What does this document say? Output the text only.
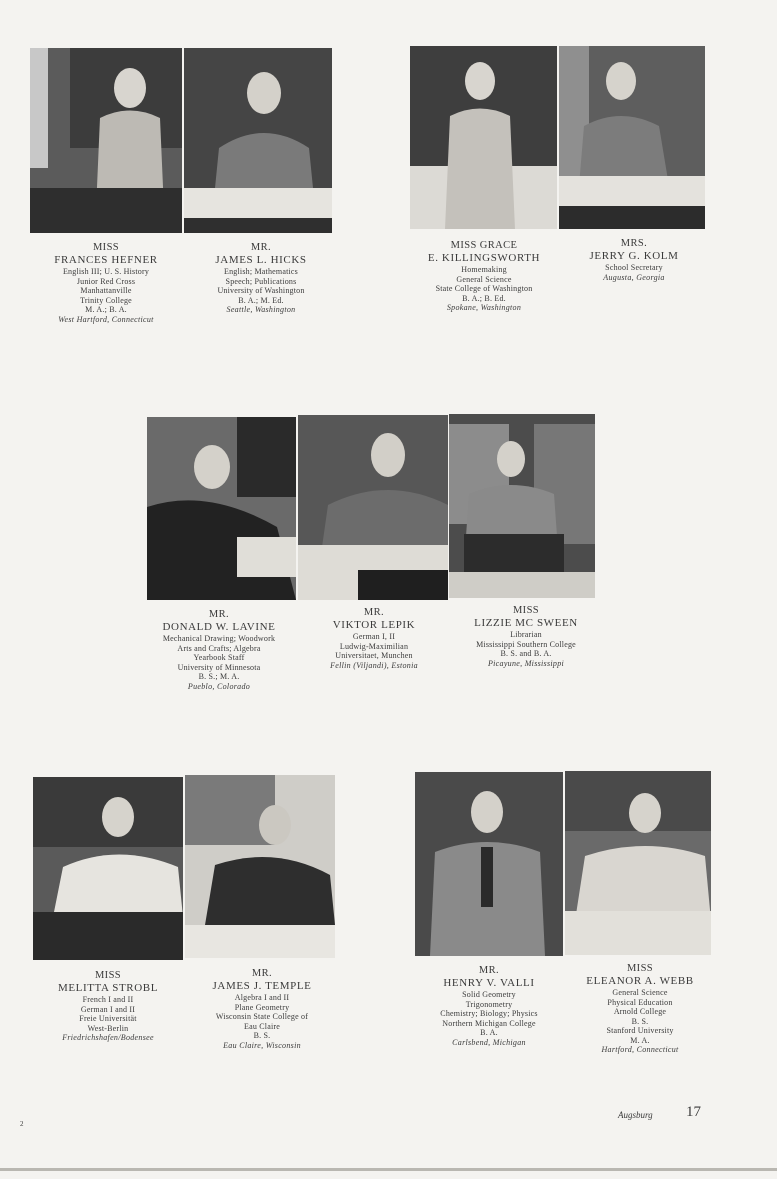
MISS
FRANCES HEFNER
English III; U. S. History
Junior Red Cross
Manhattanville
Trinity College
M. A.; B. A.
West Hartford, Connecticut
MR.
JAMES L. HICKS
English; Mathematics
Speech; Publications
University of Washington
B. A.; M. Ed.
Seattle, Washington
MISS GRACE
E. KILLINGSWORTH
Homemaking
General Science
State College of Washington
B. A.; B. Ed.
Spokane, Washington
MRS.
JERRY G. KOLM
School Secretary
Augusta, Georgia
MR.
DONALD W. LAVINE
Mechanical Drawing; Woodwork
Arts and Crafts; Algebra
Yearbook Staff
University of Minnesota
B. S.; M. A.
Pueblo, Colorado
MR.
VIKTOR LEPIK
German I, II
Ludwig-Maximilian
Universitaet, Munchen
Fellin (Viljandi), Estonia
MISS
LIZZIE MC SWEEN
Librarian
Mississippi Southern College
B. S. and B. A.
Picayune, Mississippi
MISS
MELITTA STROBL
French I and II
German I and II
Freie Universität
West-Berlin
Friedrichshafen/Bodensee
MR.
JAMES J. TEMPLE
Algebra I and II
Plane Geometry
Wisconsin State College of
Eau Claire
B. S.
Eau Claire, Wisconsin
MR.
HENRY V. VALLI
Solid Geometry
Trigonometry
Chemistry; Biology; Physics
Northern Michigan College
B. A.
Carlsbend, Michigan
MISS
ELEANOR A. WEBB
General Science
Physical Education
Arnold College
B. S.
Stanford University
M. A.
Hartford, Connecticut
2
Augsburg 17
